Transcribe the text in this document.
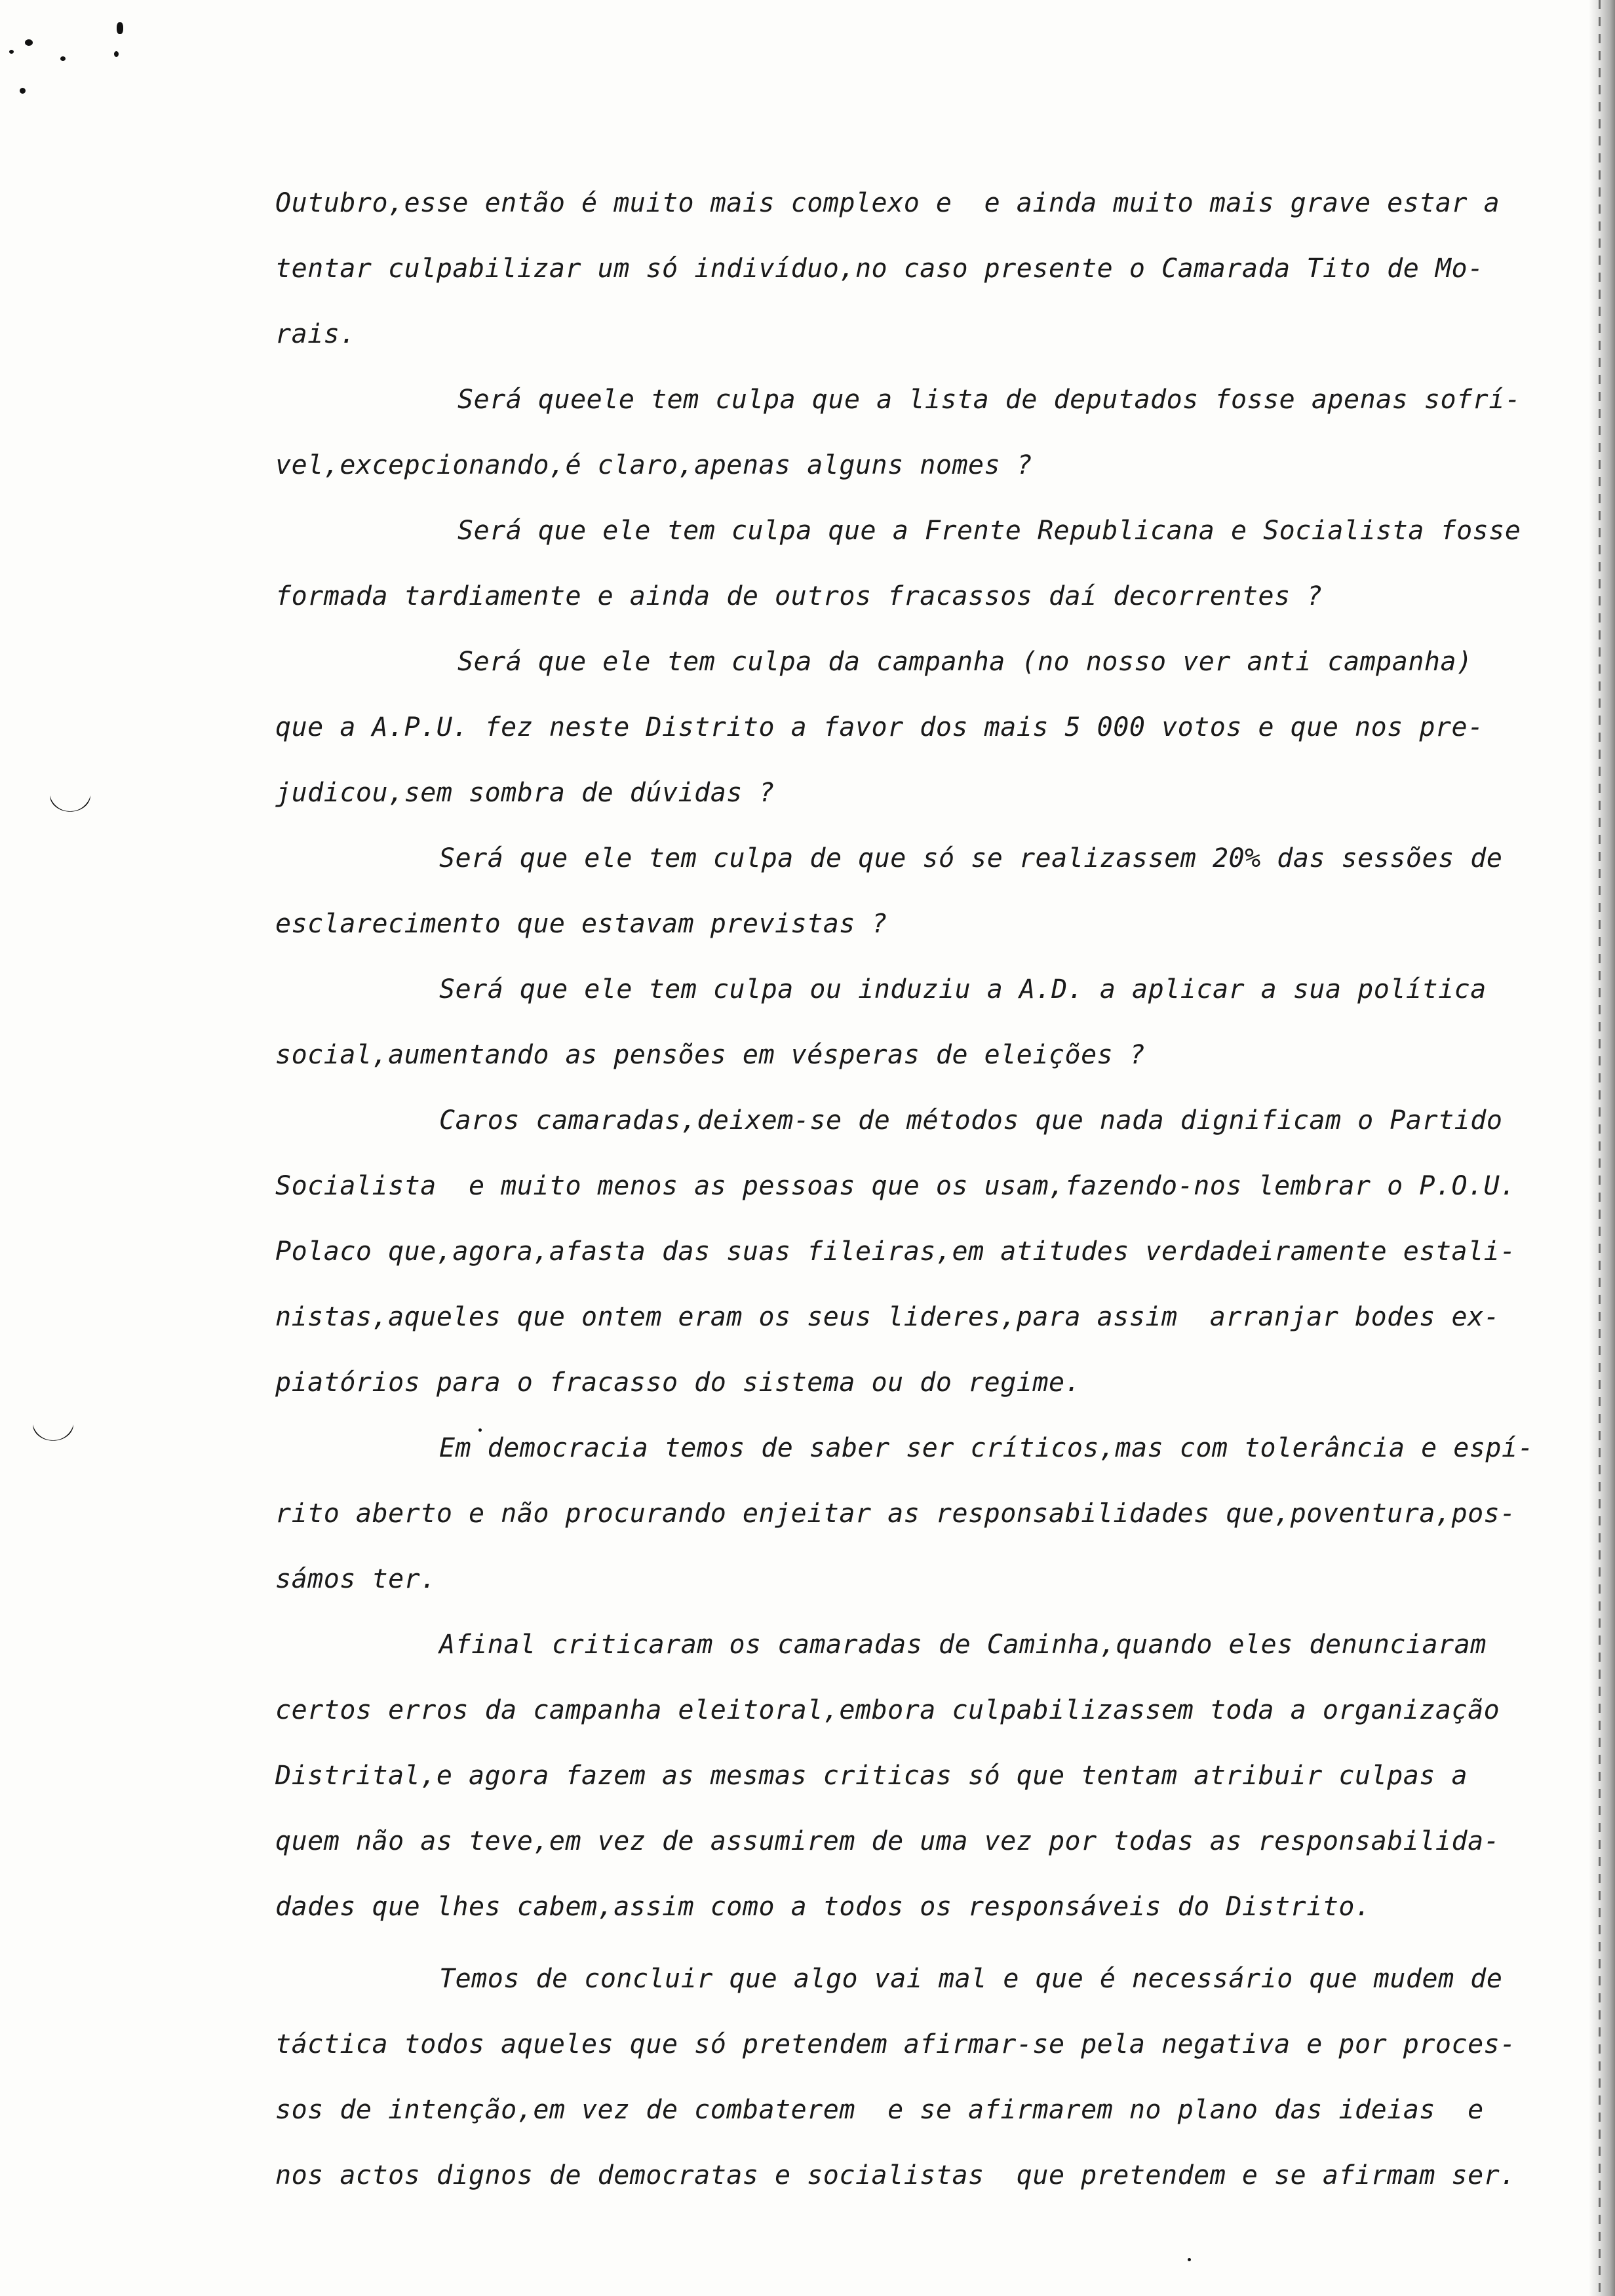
Outubro,esse então é muito mais complexo e  e ainda muito mais grave estar a
tentar culpabilizar um só indivíduo,no caso presente o Camarada Tito de Mo-
rais.
Será queele tem culpa que a lista de deputados fosse apenas sofrí-
vel,excepcionando,é claro,apenas alguns nomes ?
Será que ele tem culpa que a Frente Republicana e Socialista fosse
formada tardiamente e ainda de outros fracassos daí decorrentes ?
Será que ele tem culpa da campanha (no nosso ver anti campanha)
que a A.P.U. fez neste Distrito a favor dos mais 5 000 votos e que nos pre-
judicou,sem sombra de dúvidas ?
Será que ele tem culpa de que só se realizassem 20% das sessões de
esclarecimento que estavam previstas ?
Será que ele tem culpa ou induziu a A.D. a aplicar a sua política
social,aumentando as pensões em vésperas de eleições ?
Caros camaradas,deixem-se de métodos que nada dignificam o Partido
Socialista  e muito menos as pessoas que os usam,fazendo-nos lembrar o P.O.U.
Polaco que,agora,afasta das suas fileiras,em atitudes verdadeiramente estali-
nistas,aqueles que ontem eram os seus lideres,para assim  arranjar bodes ex-
piatórios para o fracasso do sistema ou do regime.
Em democracia temos de saber ser críticos,mas com tolerância e espí-
rito aberto e não procurando enjeitar as responsabilidades que,poventura,pos-
sámos ter.
Afinal criticaram os camaradas de Caminha,quando eles denunciaram
certos erros da campanha eleitoral,embora culpabilizassem toda a organização
Distrital,e agora fazem as mesmas criticas só que tentam atribuir culpas a
quem não as teve,em vez de assumirem de uma vez por todas as responsabilida-
dades que lhes cabem,assim como a todos os responsáveis do Distrito.
Temos de concluir que algo vai mal e que é necessário que mudem de
táctica todos aqueles que só pretendem afirmar-se pela negativa e por proces-
sos de intenção,em vez de combaterem  e se afirmarem no plano das ideias  e
nos actos dignos de democratas e socialistas  que pretendem e se afirmam ser.
